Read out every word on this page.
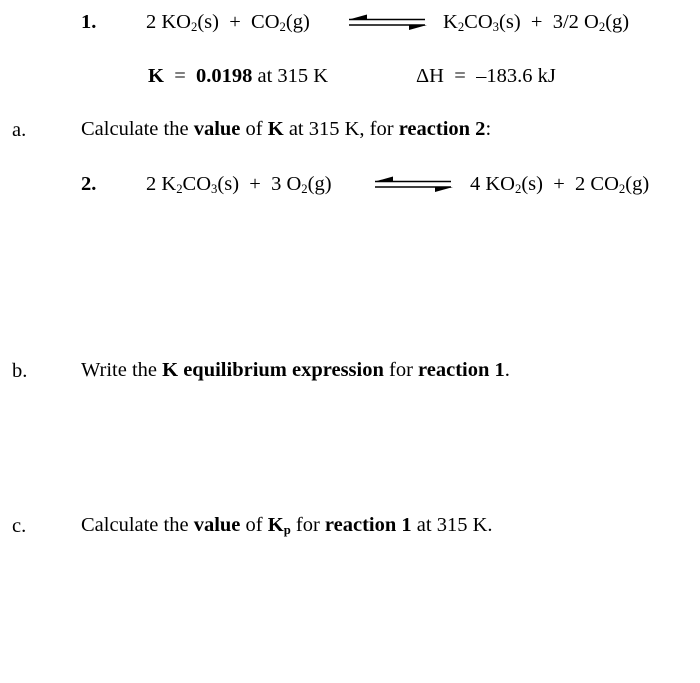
1. 2 $KO_2(s) + CO_2(g)$ ⇌ $K_2CO_3(s) + 3/2$ $O_2(g)$
K = 0.0198 at 315 K	ΔH = –183.6 kJ
a.	Calculate the value of K at 315 K, for reaction 2:
2. 2 $K_2CO_3(s) + 3$ $O_2(g)$ ⇌ 4 $KO_2(s) + 2$ $CO_2(g)$
b.	Write the K equilibrium expression for reaction 1.
c.	Calculate the value of $K_p$ for reaction 1 at 315 K.
